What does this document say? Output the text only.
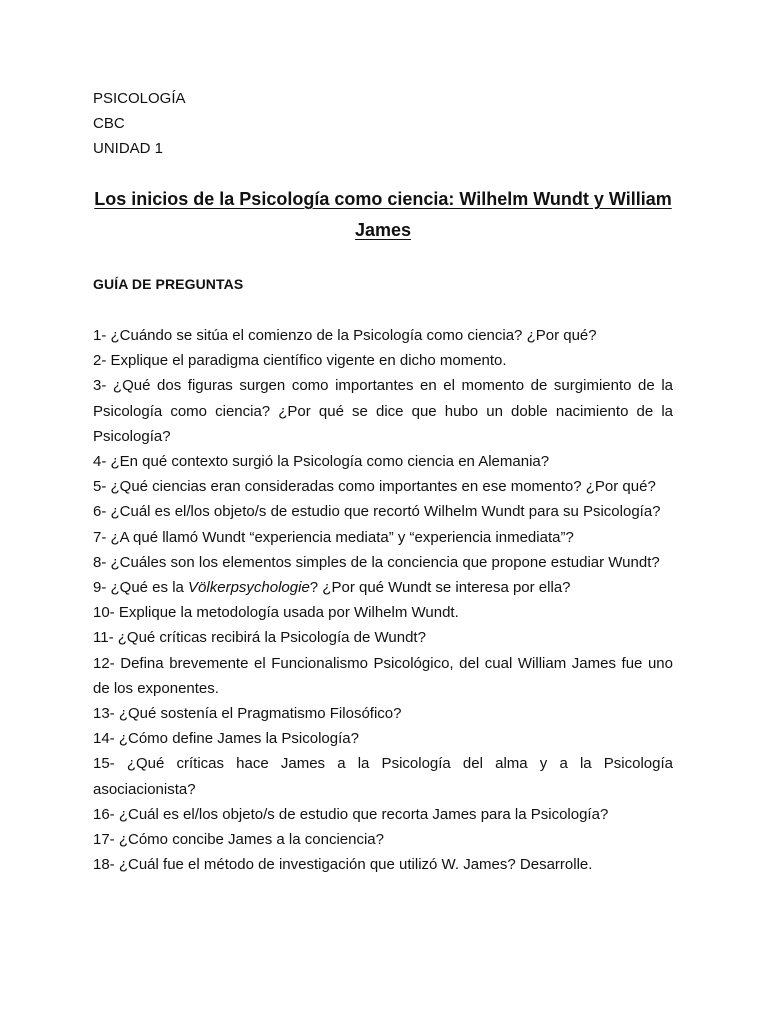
PSICOLOGÍA
CBC
UNIDAD 1
Los inicios de la Psicología como ciencia: Wilhelm Wundt y William James
GUÍA DE PREGUNTAS
1- ¿Cuándo se sitúa el comienzo de la Psicología como ciencia? ¿Por qué?
2- Explique el paradigma científico vigente en dicho momento.
3- ¿Qué dos figuras surgen como importantes en el momento de surgimiento de la Psicología como ciencia? ¿Por qué se dice que hubo un doble nacimiento de la Psicología?
4- ¿En qué contexto surgió la Psicología como ciencia en Alemania?
5- ¿Qué ciencias eran consideradas como importantes en ese momento? ¿Por qué?
6- ¿Cuál es el/los objeto/s de estudio que recortó Wilhelm Wundt para su Psicología?
7- ¿A qué llamó Wundt “experiencia mediata” y “experiencia inmediata”?
8- ¿Cuáles son los elementos simples de la conciencia que propone estudiar Wundt?
9- ¿Qué es la Völkerpsychologie? ¿Por qué Wundt se interesa por ella?
10- Explique la metodología usada por Wilhelm Wundt.
11- ¿Qué críticas recibirá la Psicología de Wundt?
12- Defina brevemente el Funcionalismo Psicológico, del cual William James fue uno de los exponentes.
13- ¿Qué sostenía el Pragmatismo Filosófico?
14- ¿Cómo define James la Psicología?
15- ¿Qué críticas hace James a la Psicología del alma y a la Psicología asociacionista?
16- ¿Cuál es el/los objeto/s de estudio que recorta James para la Psicología?
17- ¿Cómo concibe James a la conciencia?
18- ¿Cuál fue el método de investigación que utilizó W. James? Desarrolle.
